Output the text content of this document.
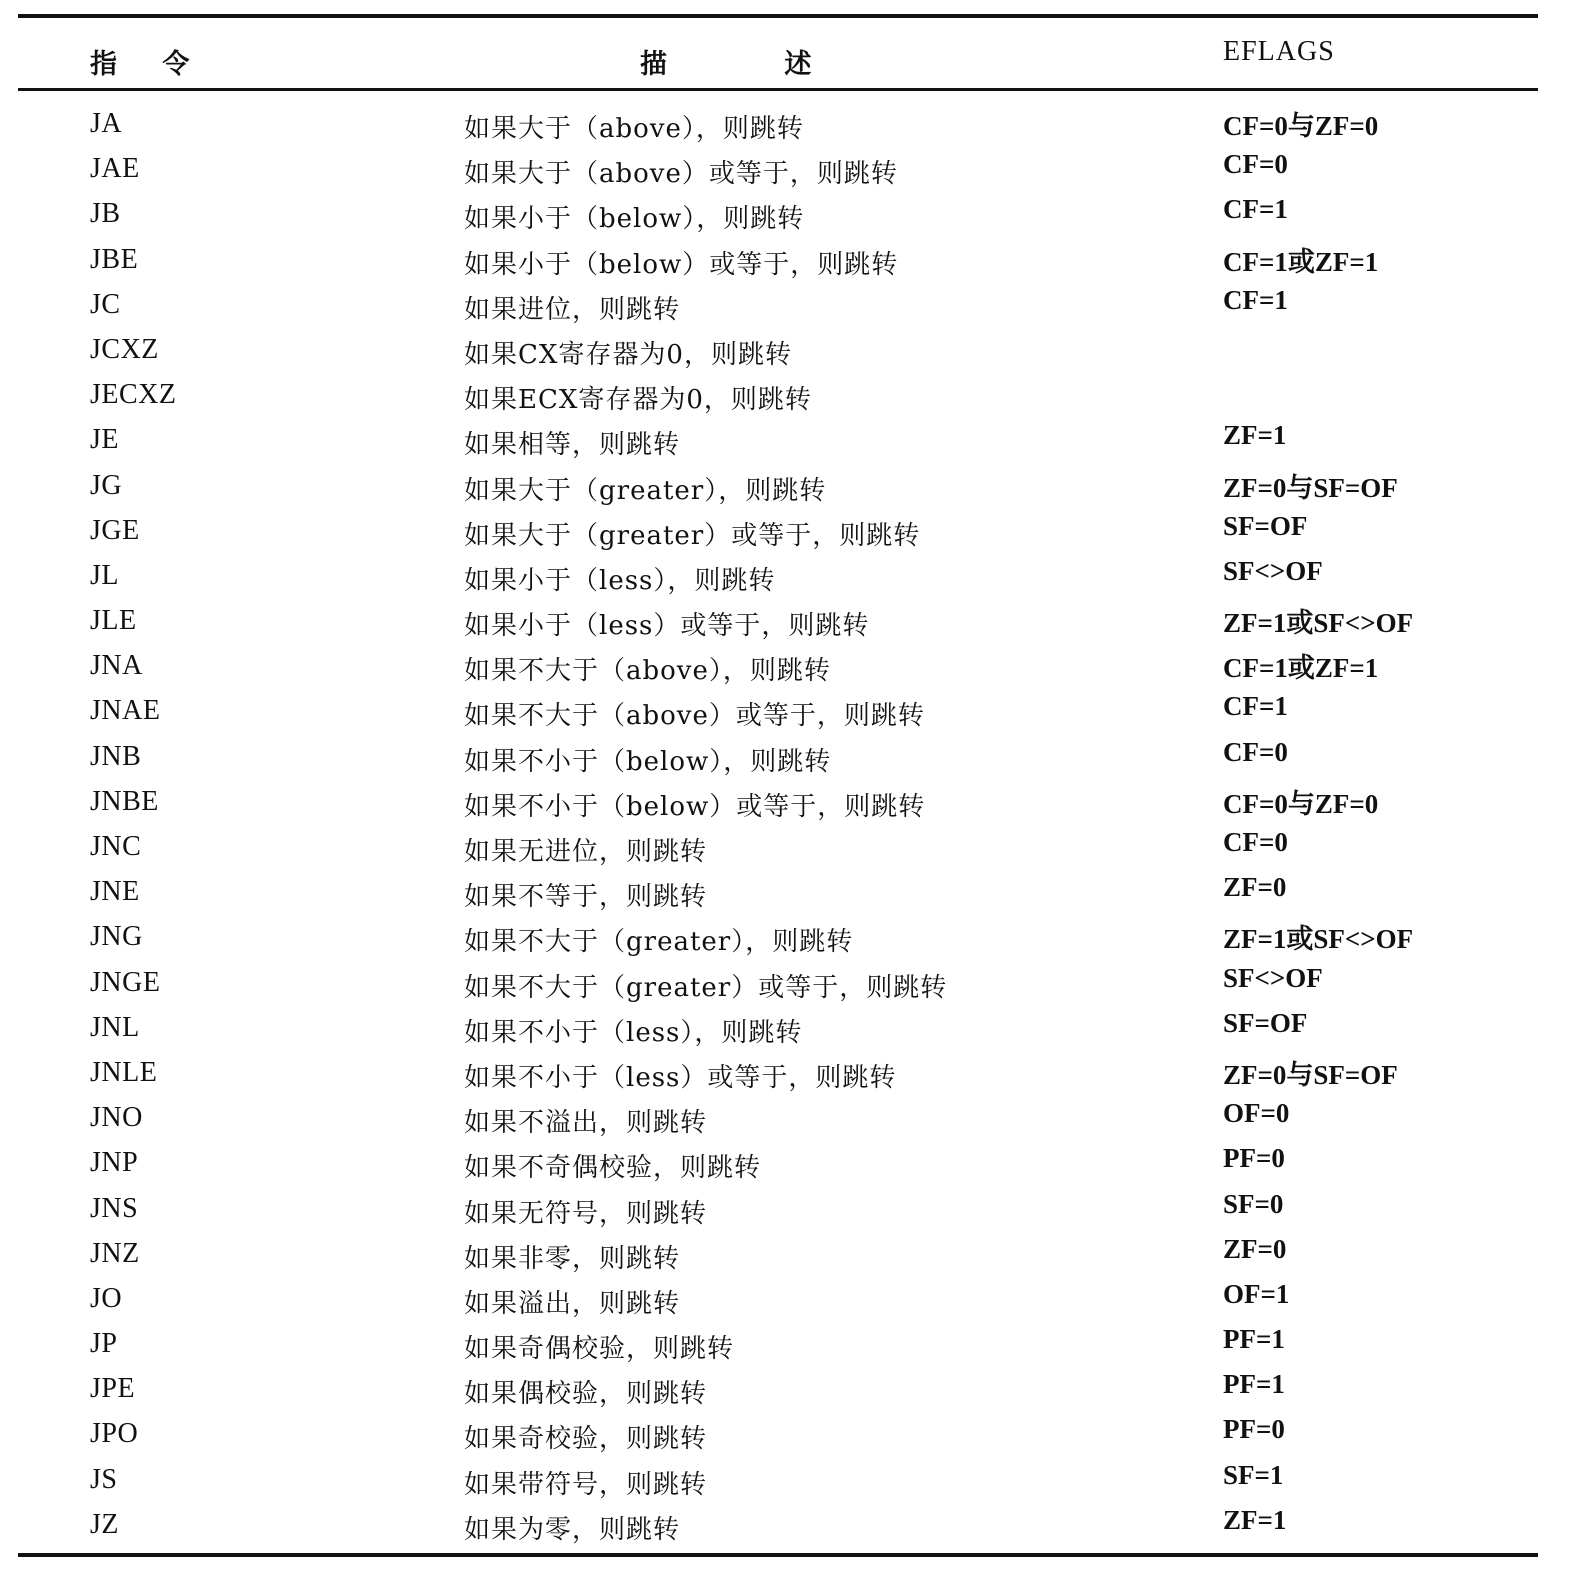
指 令	描 述	EFLAGS
JA	如果大于（above），则跳转	CF=0与ZF=0
JAE	如果大于（above）或等于，则跳转	CF=0
JB	如果小于（below），则跳转	CF=1
JBE	如果小于（below）或等于，则跳转	CF=1或ZF=1
JC	如果进位，则跳转	CF=1
JCXZ	如果CX寄存器为0，则跳转
JECXZ	如果ECX寄存器为0，则跳转
JE	如果相等，则跳转	ZF=1
JG	如果大于（greater），则跳转	ZF=0与SF=OF
JGE	如果大于（greater）或等于，则跳转	SF=OF
JL	如果小于（less），则跳转	SF<>OF
JLE	如果小于（less）或等于，则跳转	ZF=1或SF<>OF
JNA	如果不大于（above），则跳转	CF=1或ZF=1
JNAE	如果不大于（above）或等于，则跳转	CF=1
JNB	如果不小于（below），则跳转	CF=0
JNBE	如果不小于（below）或等于，则跳转	CF=0与ZF=0
JNC	如果无进位，则跳转	CF=0
JNE	如果不等于，则跳转	ZF=0
JNG	如果不大于（greater），则跳转	ZF=1或SF<>OF
JNGE	如果不大于（greater）或等于，则跳转	SF<>OF
JNL	如果不小于（less），则跳转	SF=OF
JNLE	如果不小于（less）或等于，则跳转	ZF=0与SF=OF
JNO	如果不溢出，则跳转	OF=0
JNP	如果不奇偶校验，则跳转	PF=0
JNS	如果无符号，则跳转	SF=0
JNZ	如果非零，则跳转	ZF=0
JO	如果溢出，则跳转	OF=1
JP	如果奇偶校验，则跳转	PF=1
JPE	如果偶校验，则跳转	PF=1
JPO	如果奇校验，则跳转	PF=0
JS	如果带符号，则跳转	SF=1
JZ	如果为零，则跳转	ZF=1
